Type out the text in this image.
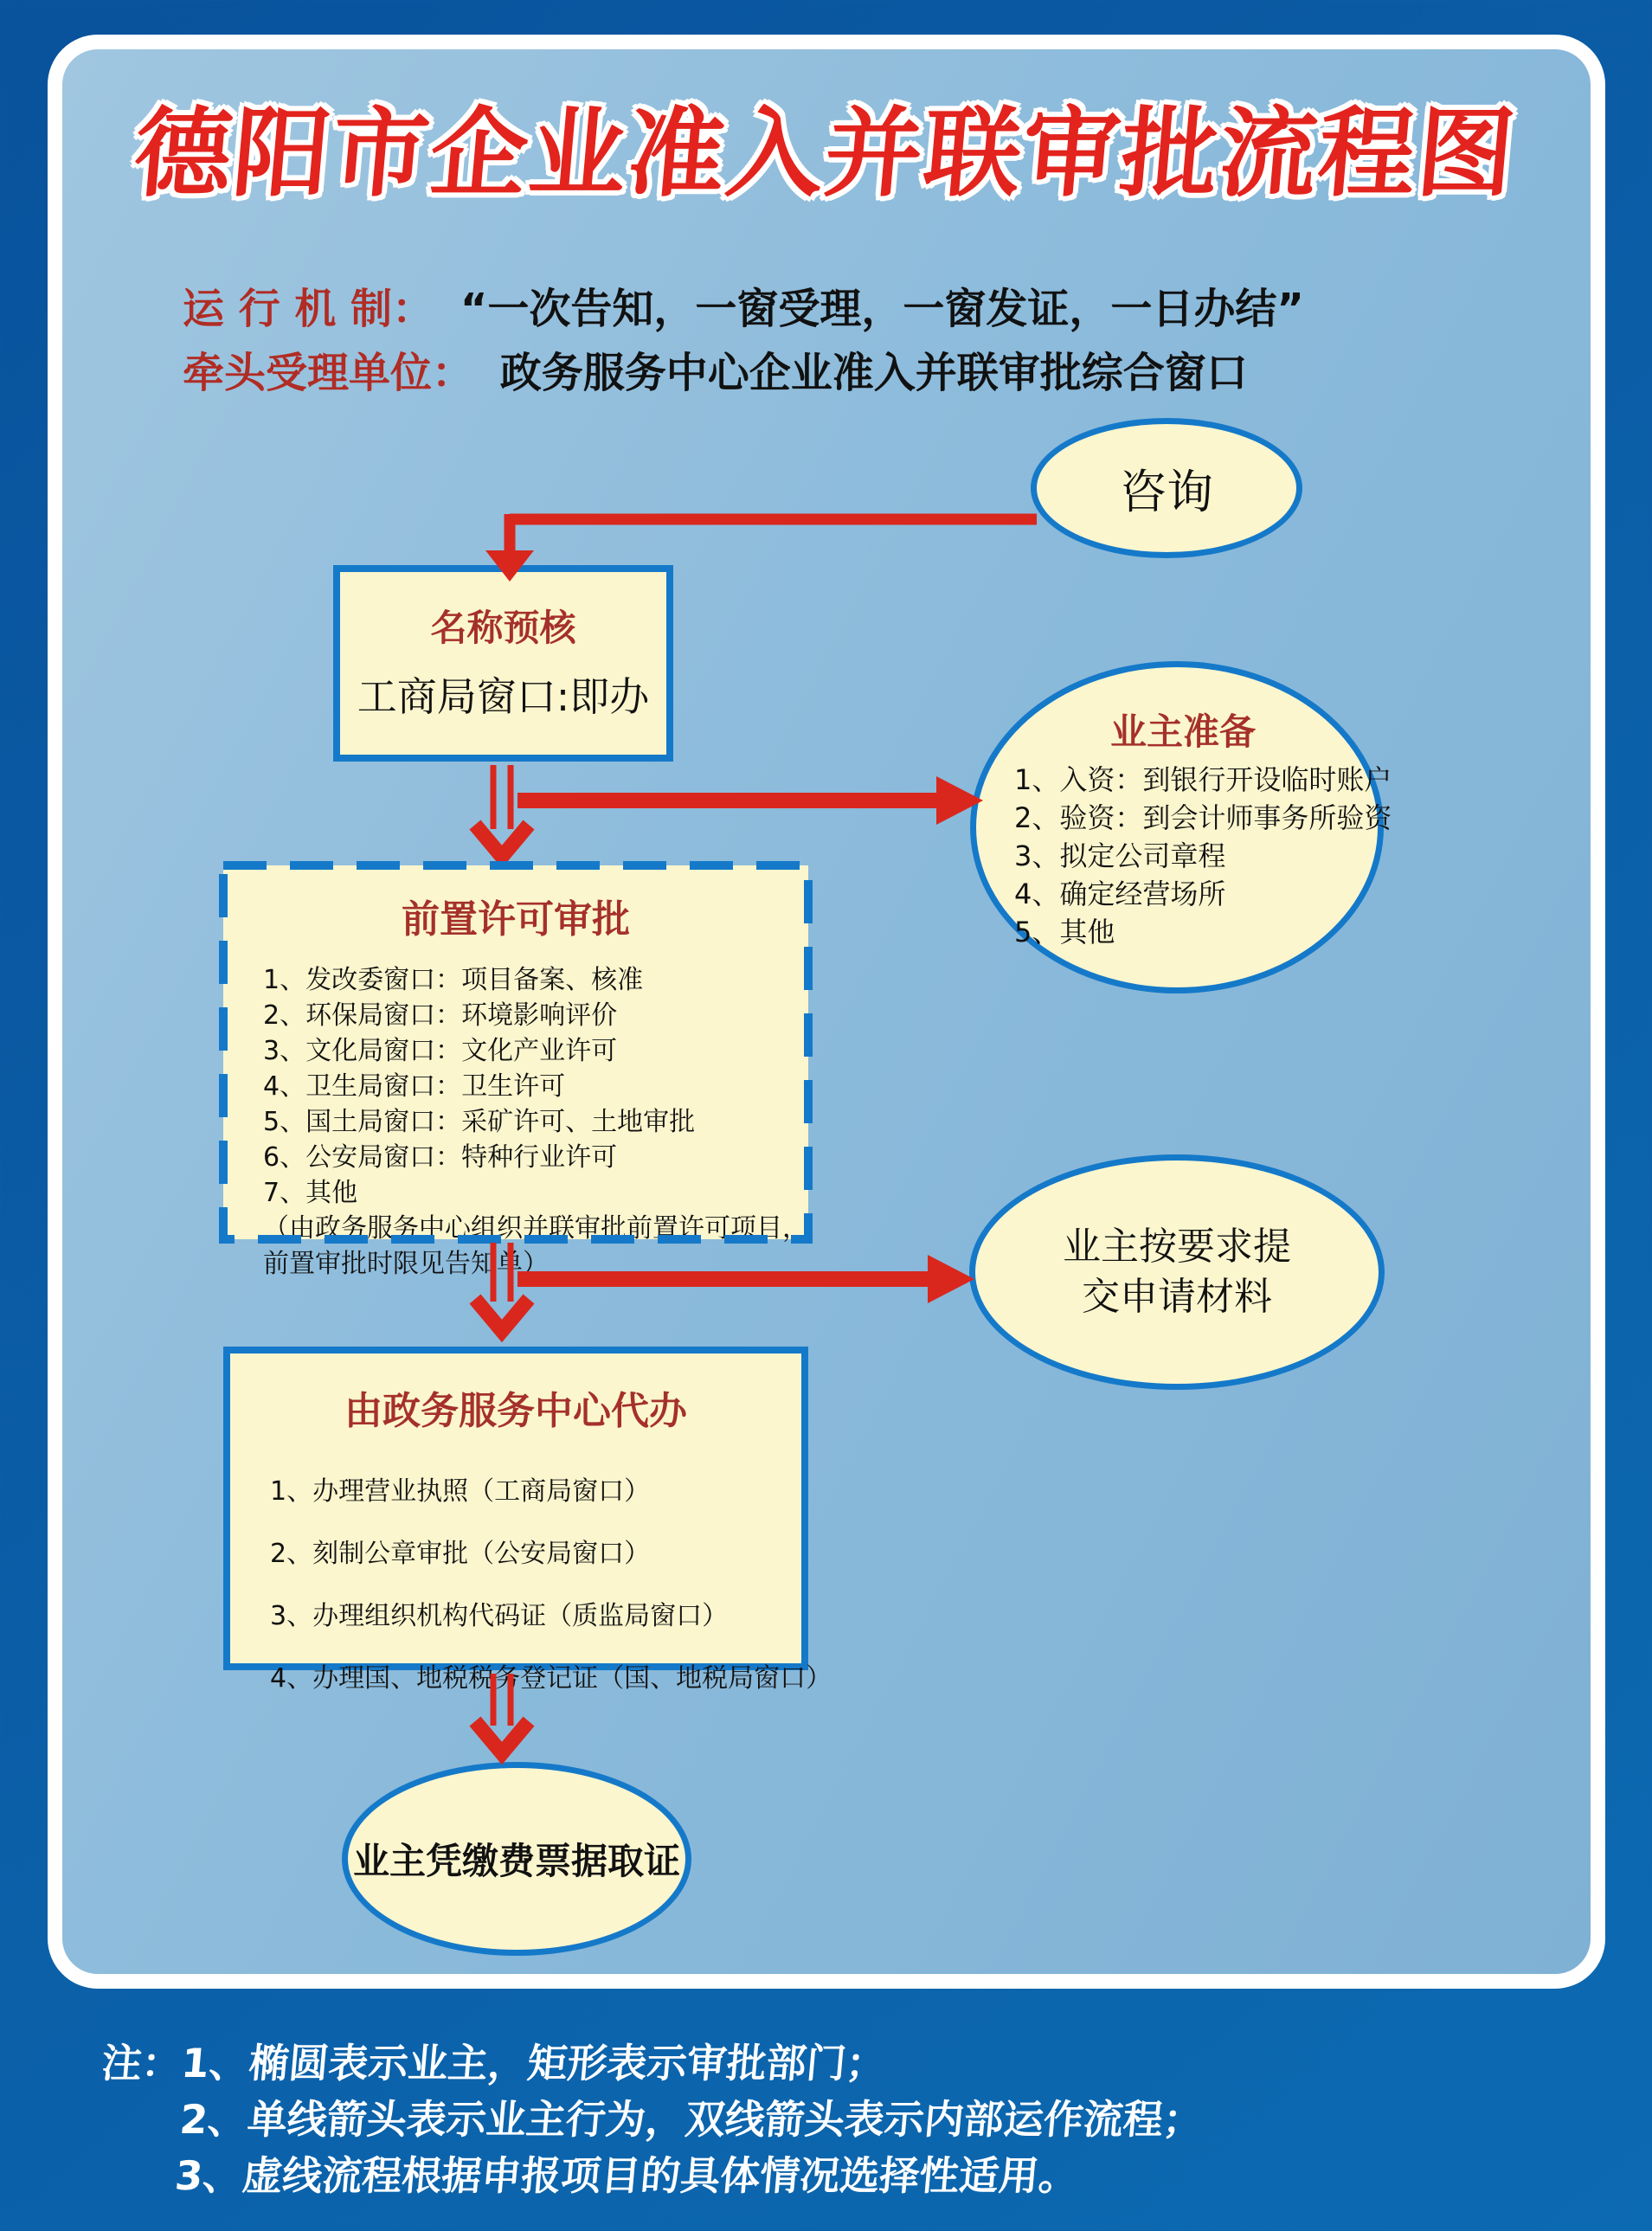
德阳市企业准入并联审批流程图
运 行 机 制： “一次告知，一窗受理，一窗发证，一日办结”
牵头受理单位： 政务服务中心企业准入并联审批综合窗口
咨询
名称预核
工商局窗口:即办
业主准备
1、入资：到银行开设临时账户
2、验资：到会计师事务所验资
3、拟定公司章程
4、确定经营场所
5、其他
前置许可审批
1、发改委窗口：项目备案、核准
2、环保局窗口：环境影响评价
3、文化局窗口：文化产业许可
4、卫生局窗口：卫生许可
5、国土局窗口：采矿许可、土地审批
6、公安局窗口：特种行业许可
7、其他
（由政务服务中心组织并联审批前置许可项目，
前置审批时限见告知单）	业主按要求提
交申请材料
由政务服务中心代办
1、办理营业执照（工商局窗口）
2、刻制公章审批（公安局窗口）
3、办理组织机构代码证（质监局窗口）
4、办理国、地税税务登记证（国、地税局窗口）
业主凭缴费票据取证
注：1、椭圆表示业主，矩形表示审批部门；
2、单线箭头表示业主行为，双线箭头表示内部运作流程；
3、虚线流程根据申报项目的具体情况选择性适用。
